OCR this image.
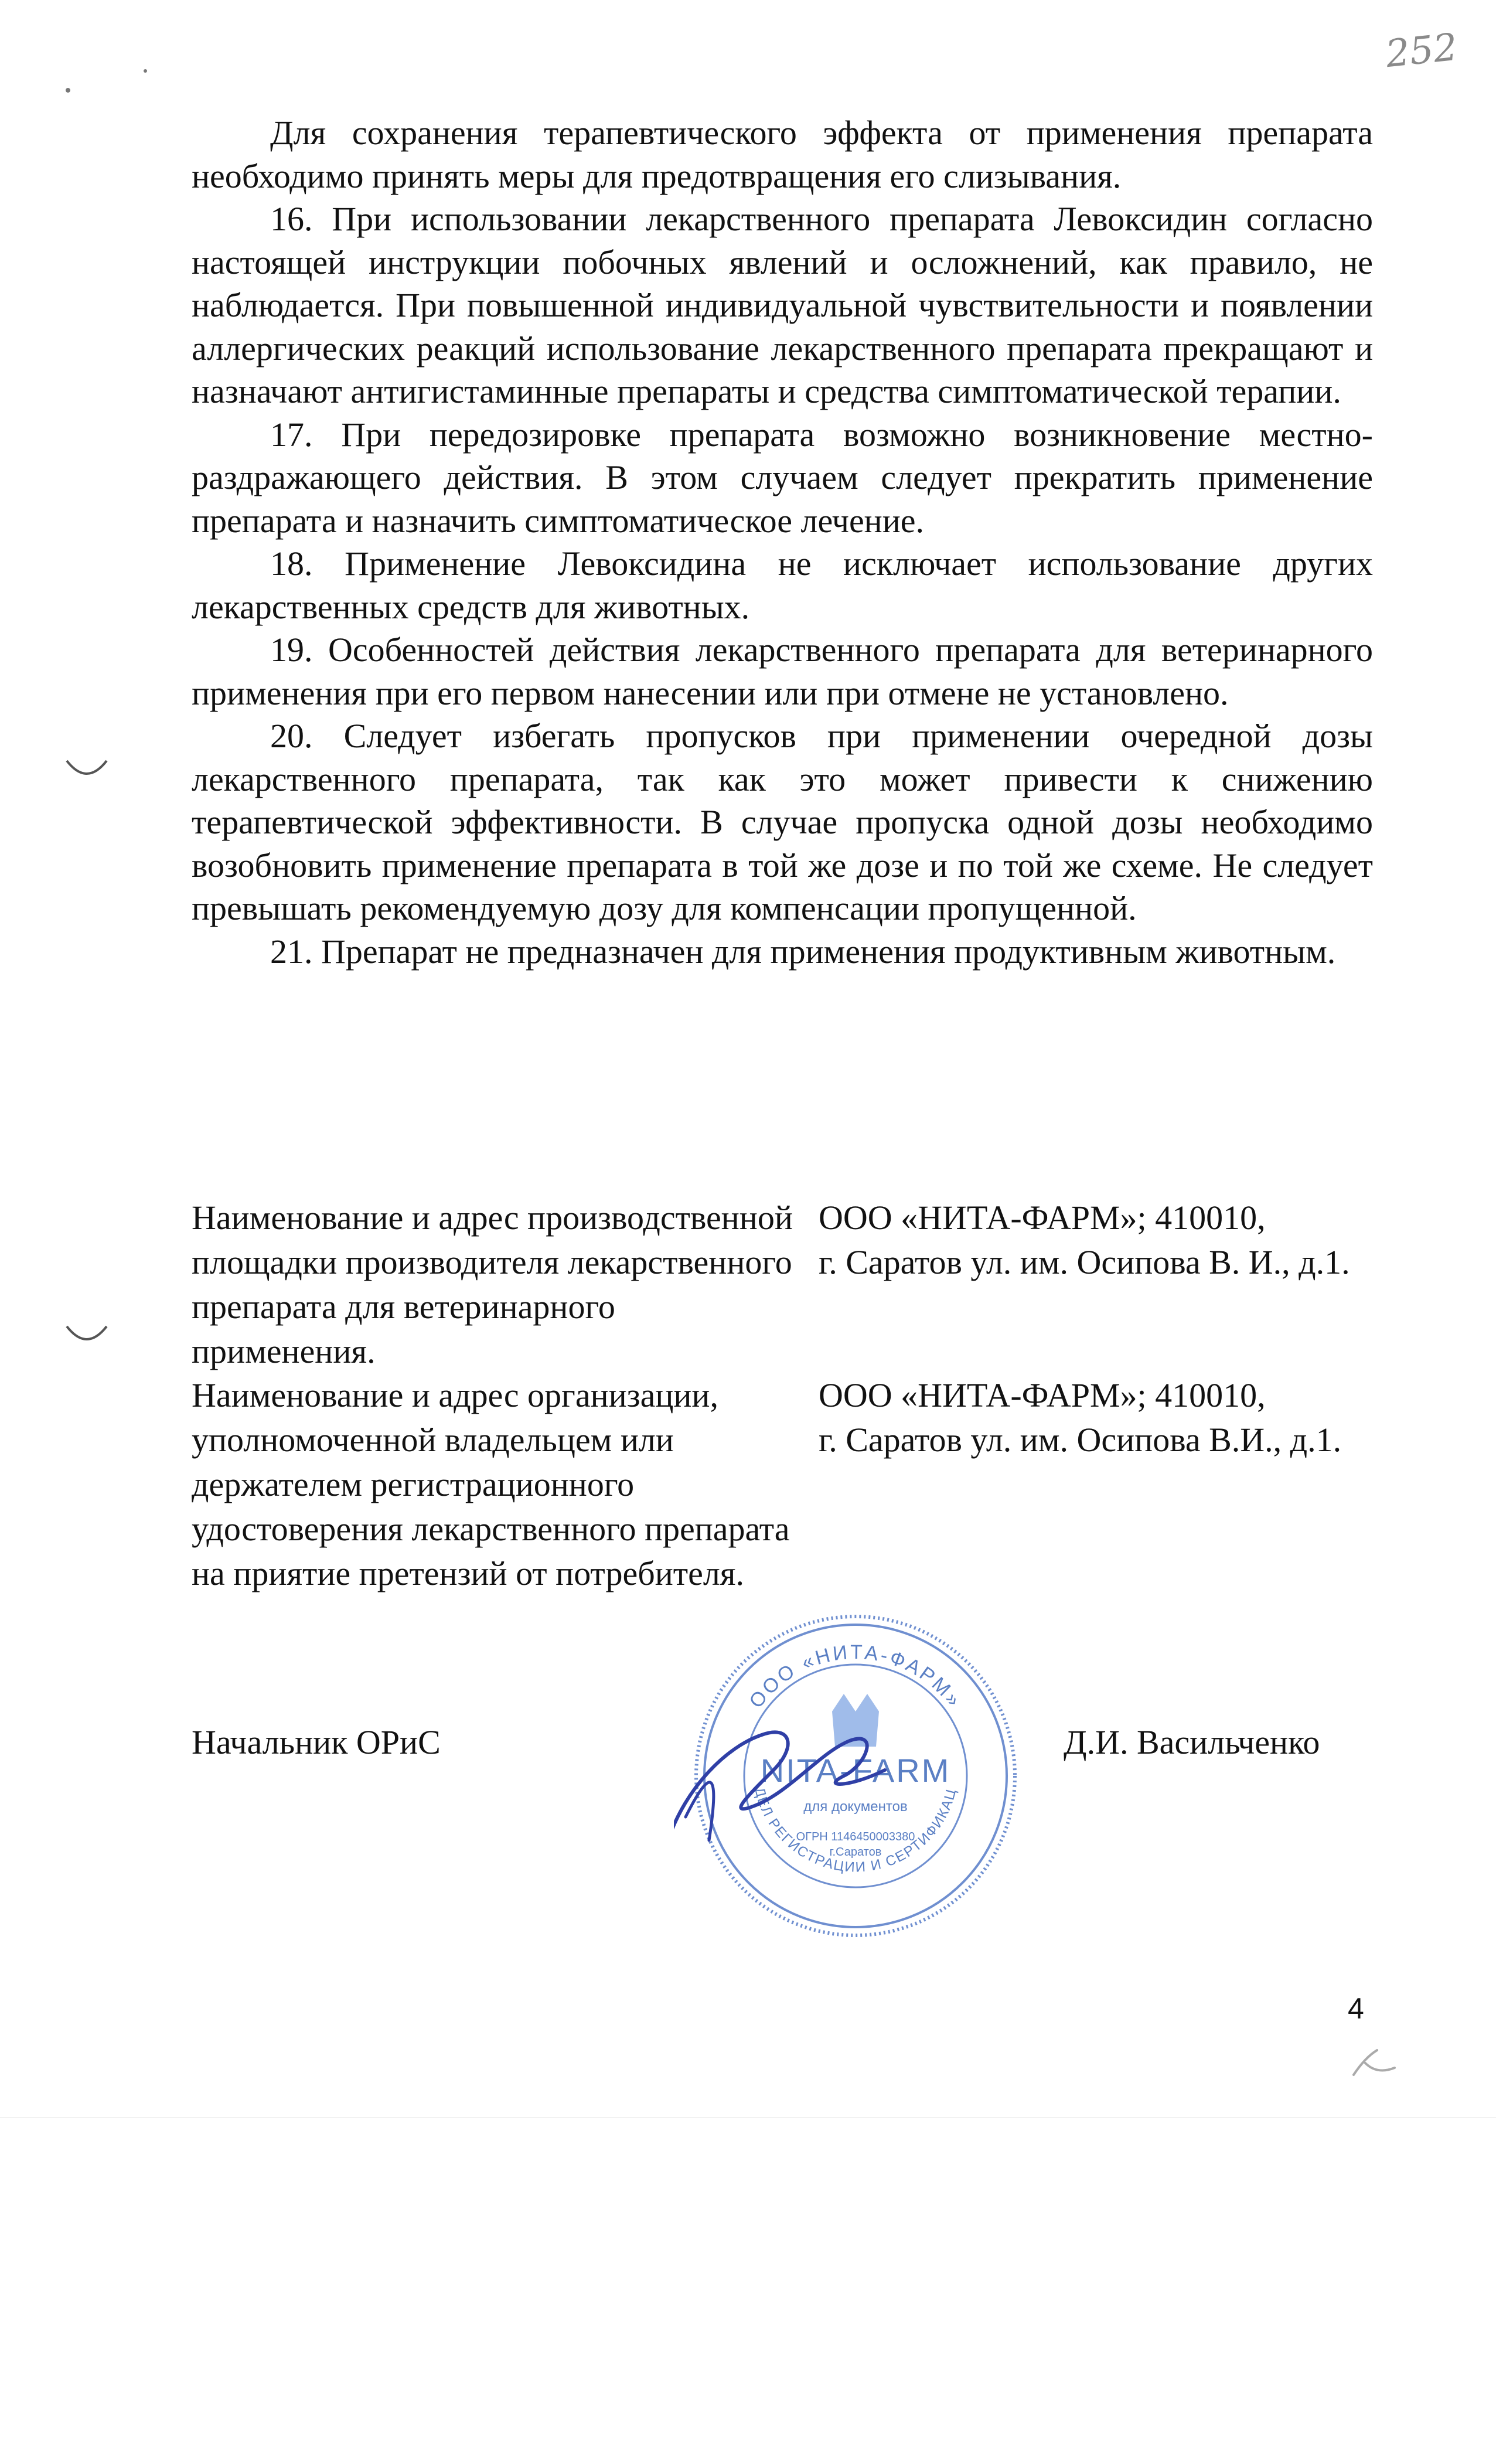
252

Для сохранения терапевтического эффекта от применения препарата необходимо принять меры для предотвращения его слизывания.

16. При использовании лекарственного препарата Левоксидин согласно настоящей инструкции побочных явлений и осложнений, как правило, не наблюдается. При повышенной индивидуальной чувствительности и появлении аллергических реакций использование лекарственного препарата прекращают и назначают антигистаминные препараты и средства симптоматической терапии.

17. При передозировке препарата возможно возникновение местно-раздражающего действия. В этом случаем следует прекратить применение препарата и назначить симптоматическое лечение.

18. Применение Левоксидина не исключает использование других лекарственных средств для животных.

19. Особенностей действия лекарственного препарата для ветеринарного применения при его первом нанесении или при отмене не установлено.

20. Следует избегать пропусков при применении очередной дозы лекарственного препарата, так как это может привести к снижению терапевтической эффективности. В случае пропуска одной дозы необходимо возобновить применение препарата в той же дозе и по той же схеме. Не следует превышать рекомендуемую дозу для компенсации пропущенной.

21. Препарат не предназначен для применения продуктивным животным.

Наименование и адрес производственной
площадки производителя лекарственного
препарата для ветеринарного применения.
ООО «НИТА-ФАРМ»; 410010,
г. Саратов ул. им. Осипова В. И., д.1.
Наименование и адрес организации,
уполномоченной владельцем или
держателем регистрационного
удостоверения лекарственного препарата
на приятие претензий от потребителя.
ООО «НИТА-ФАРМ»; 410010,
г. Саратов ул. им. Осипова В.И., д.1.
Начальник ОРиС	Д.И. Васильченко
ООО «НИТА-ФАРМ»
ДЕЛ РЕГИСТРАЦИИ И СЕРТИФИКАЦ
NITA-FARM
для документов
ОГРН 1146450003380
г.Саратов
4
